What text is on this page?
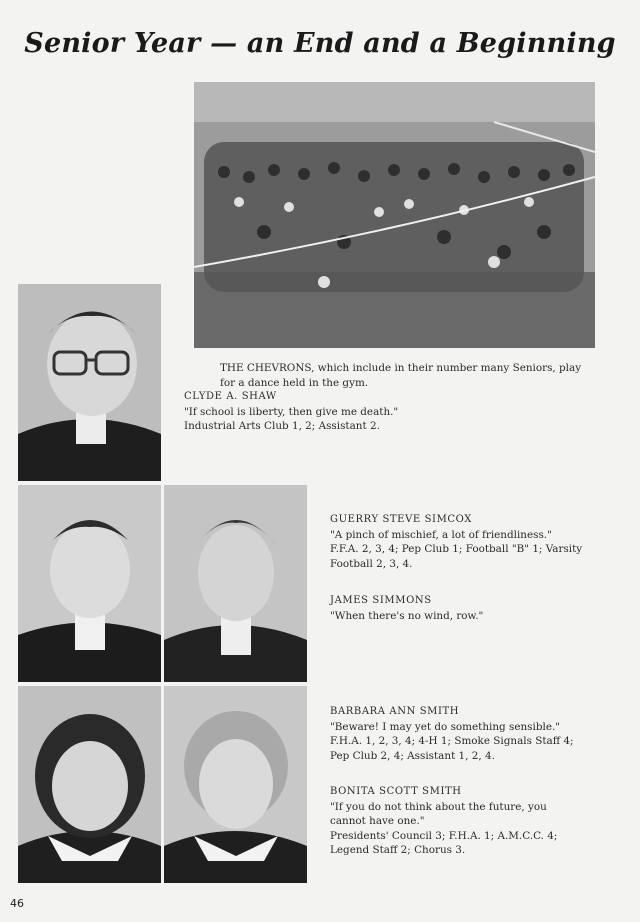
Senior Year — an End and a Beginning
THE CHEVRONS, which include in their number many Seniors, play for a dance held in the gym.

CLYDE A. SHAW

"If school is liberty, then give me death."

Industrial Arts Club 1, 2; Assistant 2.

GUERRY STEVE SIMCOX

"A pinch of mischief, a lot of friendliness."

F.F.A. 2, 3, 4; Pep Club 1; Football "B" 1; Varsity Football 2, 3, 4.

JAMES SIMMONS

"When there's no wind, row."

BARBARA ANN SMITH

"Beware! I may yet do something sensible."

F.H.A. 1, 2, 3, 4; 4-H 1; Smoke Signals Staff 4; Pep Club 2, 4; Assistant 1, 2, 4.

BONITA SCOTT SMITH

"If you do not think about the future, you cannot have one."

Presidents' Council 3; F.H.A. 1; A.M.C.C. 4; Legend Staff 2; Chorus 3.

46
